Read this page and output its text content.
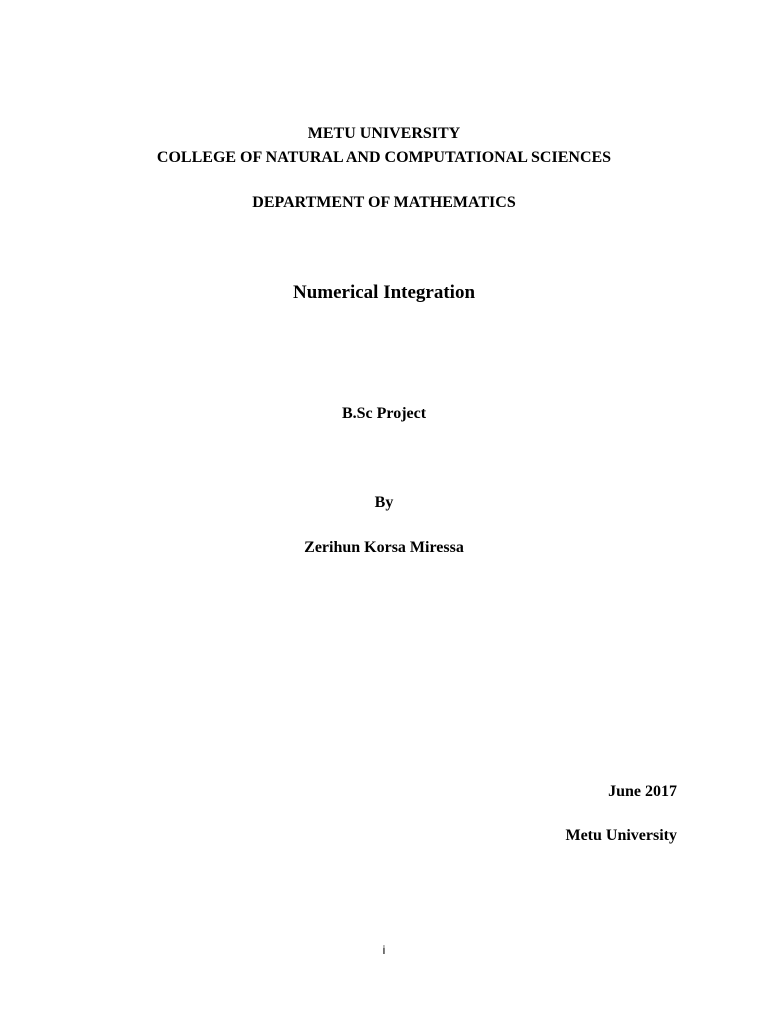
METU UNIVERSITY
COLLEGE OF NATURAL AND COMPUTATIONAL SCIENCES
DEPARTMENT OF MATHEMATICS
Numerical Integration
B.Sc Project
By
Zerihun Korsa Miressa
June 2017
Metu University
i
